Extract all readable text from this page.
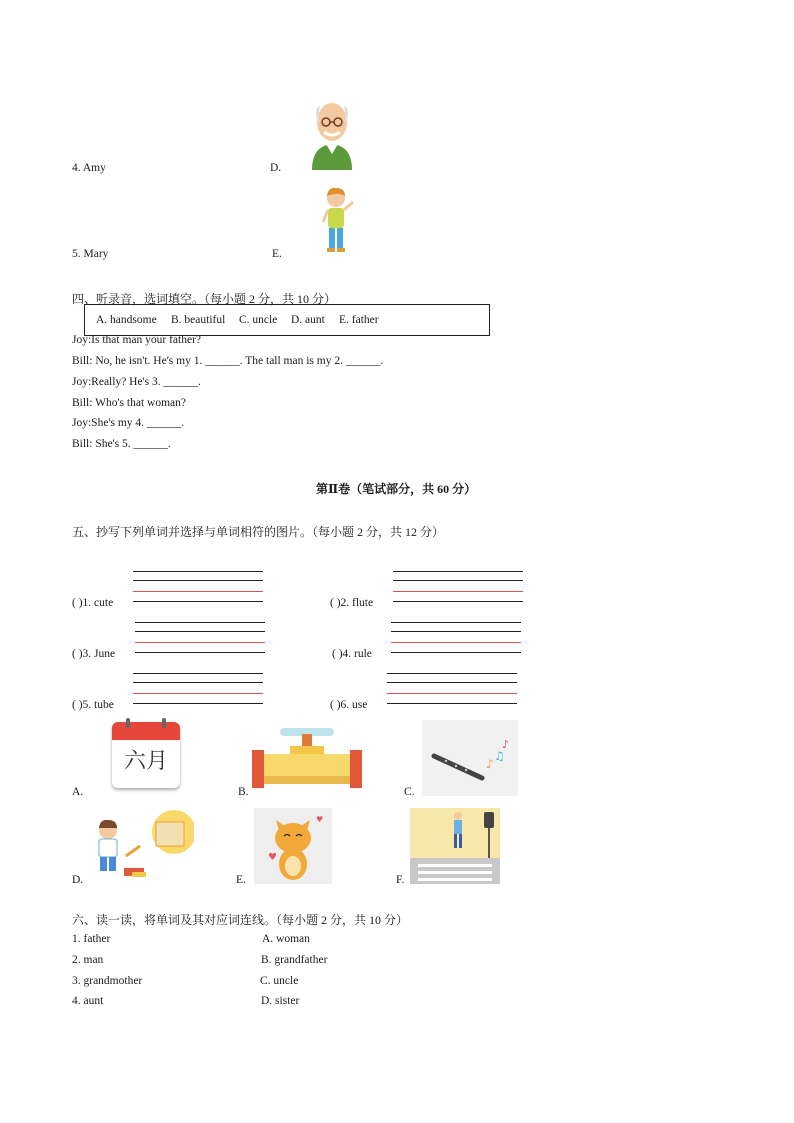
4. Amy	D.
5. Mary	E.
四、听录音，选词填空。（每小题 2 分，共 10 分）
A. handsome B. beautiful C. uncle D. aunt E. father
Joy:Is that man your father?
Bill: No, he isn't. He's my 1. ______. The tall man is my 2. ______.
Joy:Really? He's 3. ______.
Bill: Who's that woman?
Joy:She's my 4. ______.
Bill: She's 5. ______.
第Ⅱ卷（笔试部分，共 60 分）
五、抄写下列单词并选择与单词相符的图片。（每小题 2 分，共 12 分）
( )1. cute	( )2. flute
( )3. June	( )4. rule
( )5. tube	( )6. use
A.
六月
B.	C.
♪
♫
♪
D.	E.
♥
♥
F.
六、读一读，将单词及其对应词连线。（每小题 2 分，共 10 分）
1. father	A. woman
2. man	B. grandfather
3. grandmother	C. uncle
4. aunt	D. sister
